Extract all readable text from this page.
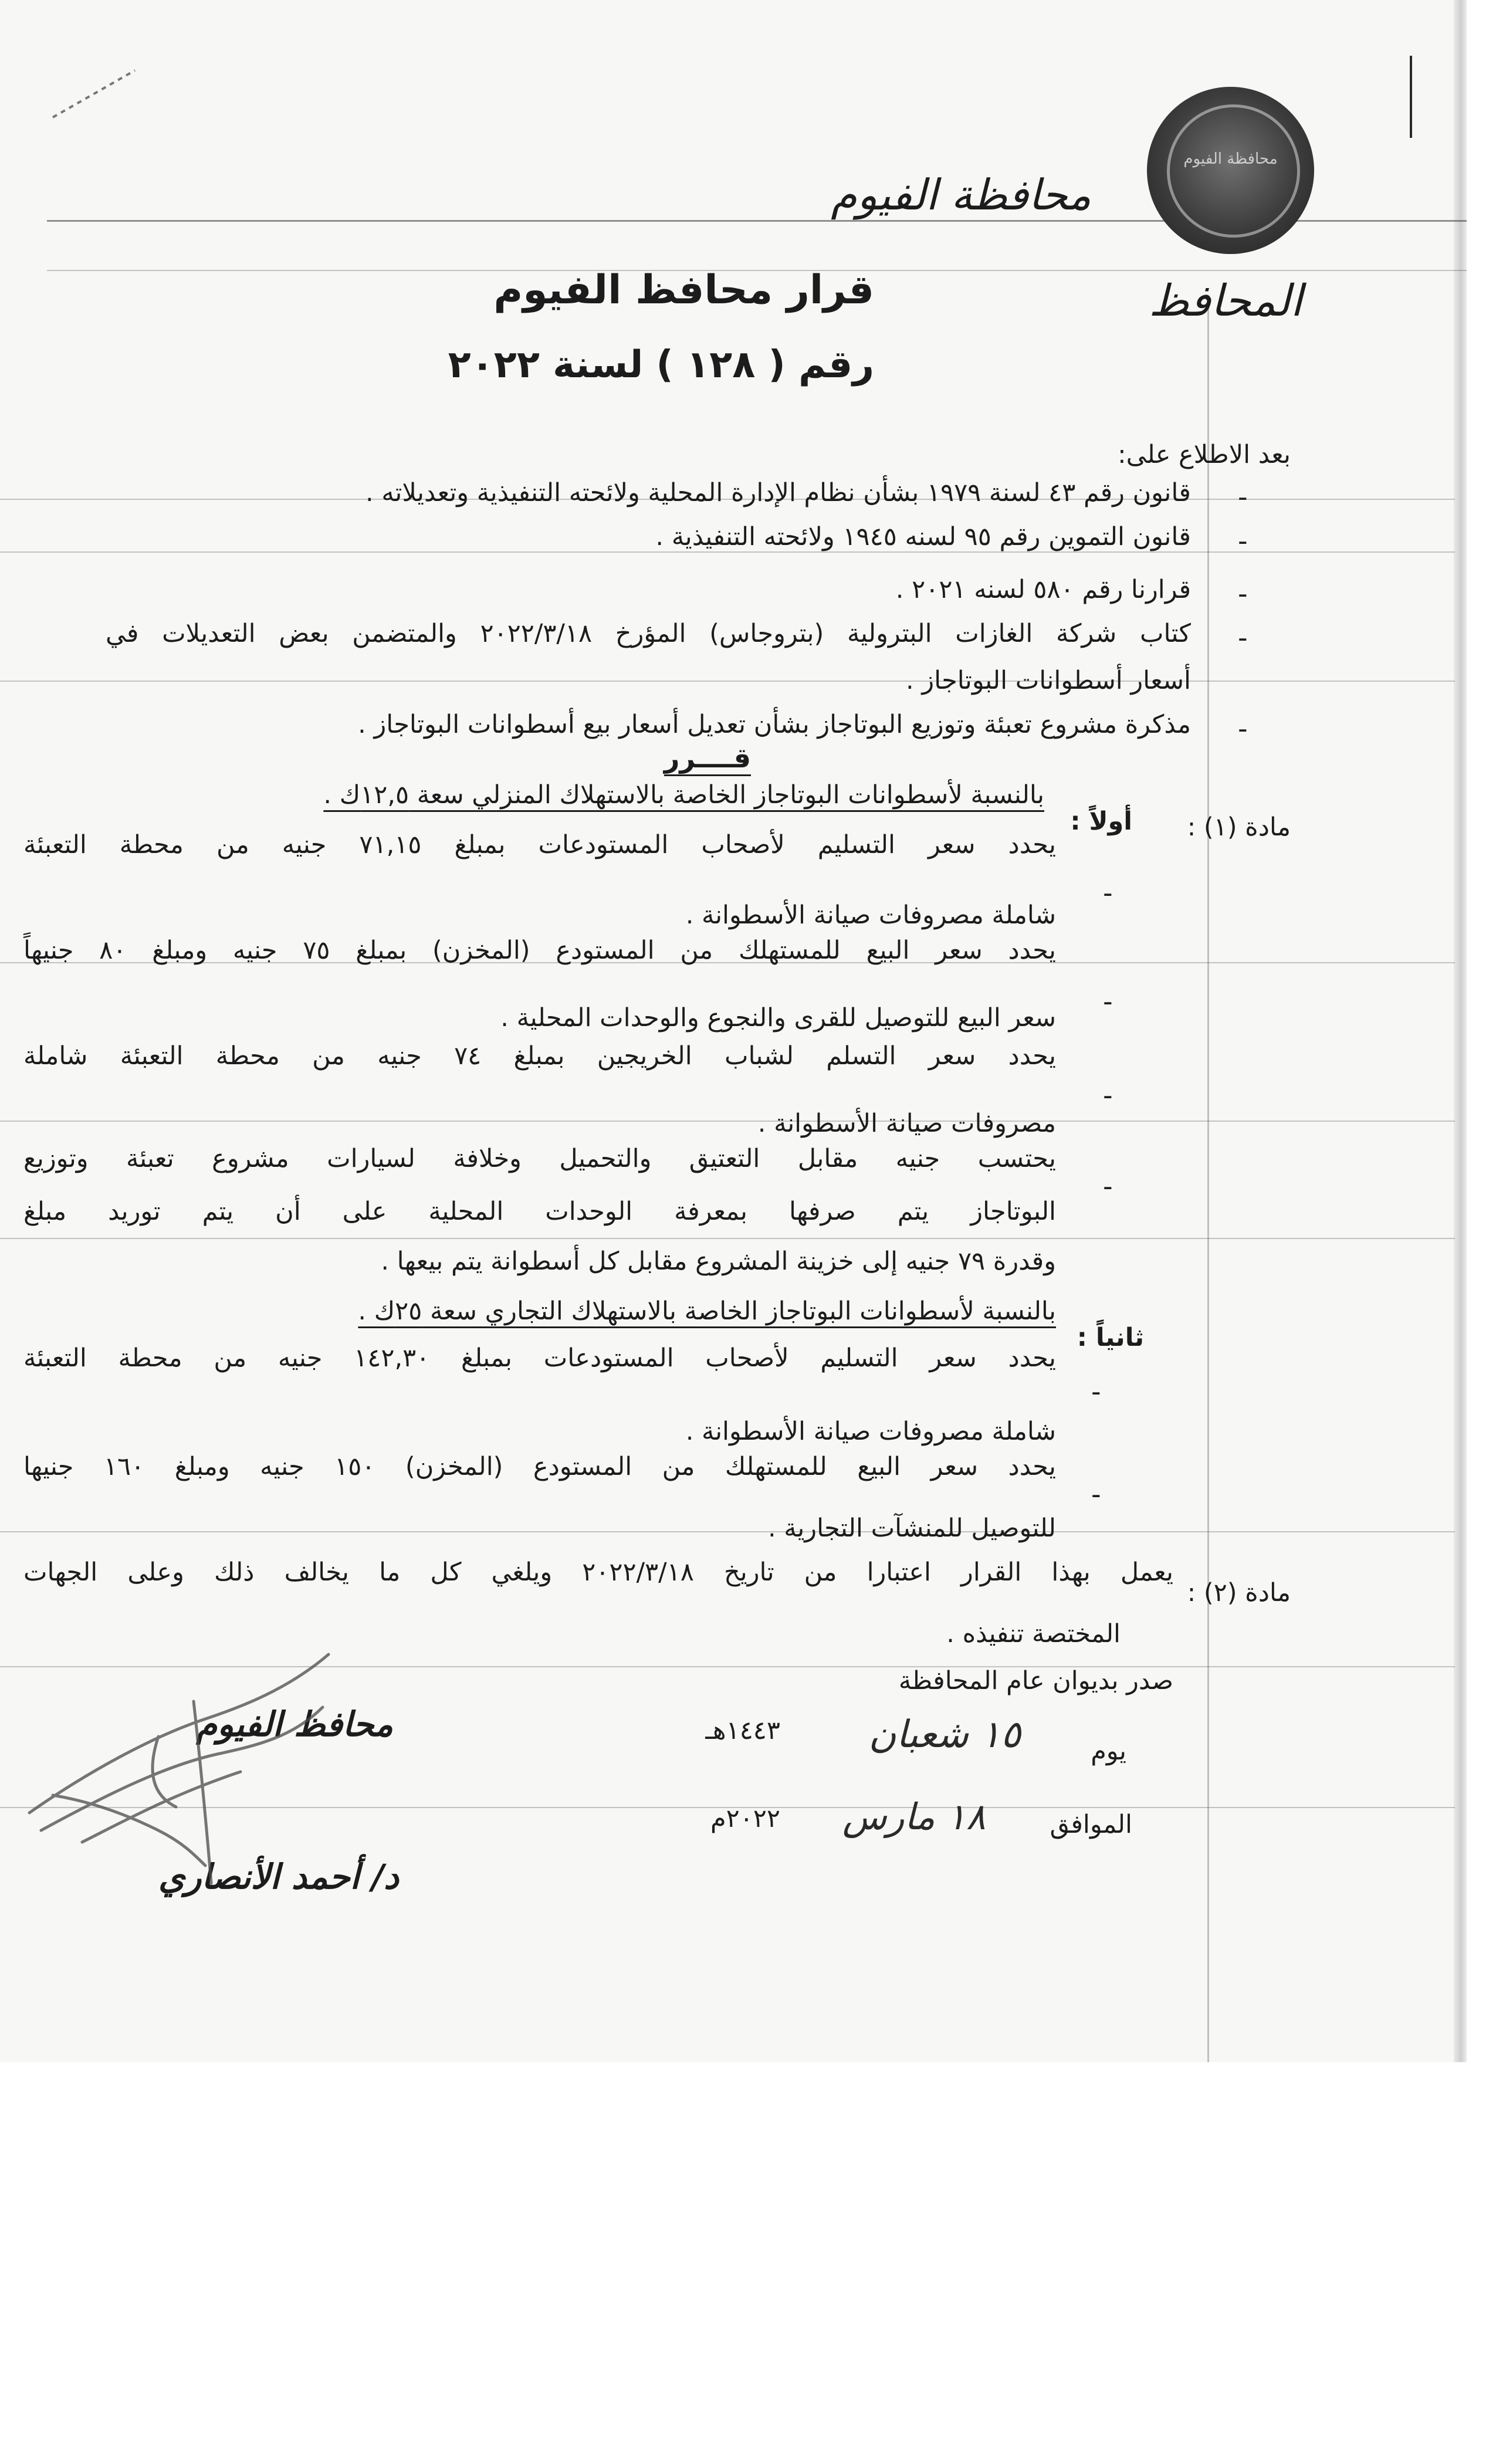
محافظة الفيوم
محافظة الفيوم
المحافظ
قرار محافظ الفيوم
رقم ( ١٢٨ ) لسنة ٢٠٢٢
بعد الاطلاع على:
-
قانون رقم ٤٣ لسنة ١٩٧٩ بشأن نظام الإدارة المحلية ولائحته التنفيذية وتعديلاته .
-
قانون التموين رقم ٩٥ لسنه ١٩٤٥ ولائحته التنفيذية .
-
قرارنا رقم ٥٨٠ لسنه ٢٠٢١ .
-
كتاب شركة الغازات البترولية (بتروجاس) المؤرخ ٢٠٢٢/٣/١٨ والمتضمن بعض التعديلات في
أسعار أسطوانات البوتاجاز .
-
مذكرة مشروع تعبئة وتوزيع البوتاجاز بشأن تعديل أسعار بيع أسطوانات البوتاجاز .
قــــرر
مادة (١) :
أولاً :
بالنسبة لأسطوانات البوتاجاز الخاصة بالاستهلاك المنزلي سعة ١٢,٥ك .
-
يحدد سعر التسليم لأصحاب المستودعات بمبلغ ٧١,١٥ جنيه من محطة التعبئة
شاملة مصروفات صيانة الأسطوانة .
-
يحدد سعر البيع للمستهلك من المستودع (المخزن) بمبلغ ٧٥ جنيه ومبلغ ٨٠ جنيهاً
سعر البيع للتوصيل للقرى والنجوع والوحدات المحلية .
-
يحدد سعر التسلم لشباب الخريجين بمبلغ ٧٤ جنيه من محطة التعبئة شاملة
مصروفات صيانة الأسطوانة .
-
يحتسب جنيه مقابل التعتيق والتحميل وخلافة لسيارات مشروع تعبئة وتوزيع
البوتاجاز يتم صرفها بمعرفة الوحدات المحلية على أن يتم توريد مبلغ
وقدرة ٧٩ جنيه إلى خزينة المشروع مقابل كل أسطوانة يتم بيعها .
ثانياً :
بالنسبة لأسطوانات البوتاجاز الخاصة بالاستهلاك التجاري سعة ٢٥ك .
-
يحدد سعر التسليم لأصحاب المستودعات بمبلغ ١٤٢,٣٠ جنيه من محطة التعبئة
شاملة مصروفات صيانة الأسطوانة .
-
يحدد سعر البيع للمستهلك من المستودع (المخزن) ١٥٠ جنيه ومبلغ ١٦٠ جنيها
للتوصيل للمنشآت التجارية .
مادة (٢) :
يعمل بهذا القرار اعتبارا من تاريخ ٢٠٢٢/٣/١٨ ويلغي كل ما يخالف ذلك وعلى الجهات
المختصة تنفيذه .
صدر بديوان عام المحافظة
يوم
١٥ شعبان
١٤٤٣هـ
الموافق
١٨ مارس
٢٠٢٢م
محافظ الفيوم
د/ أحمد الأنصاري
